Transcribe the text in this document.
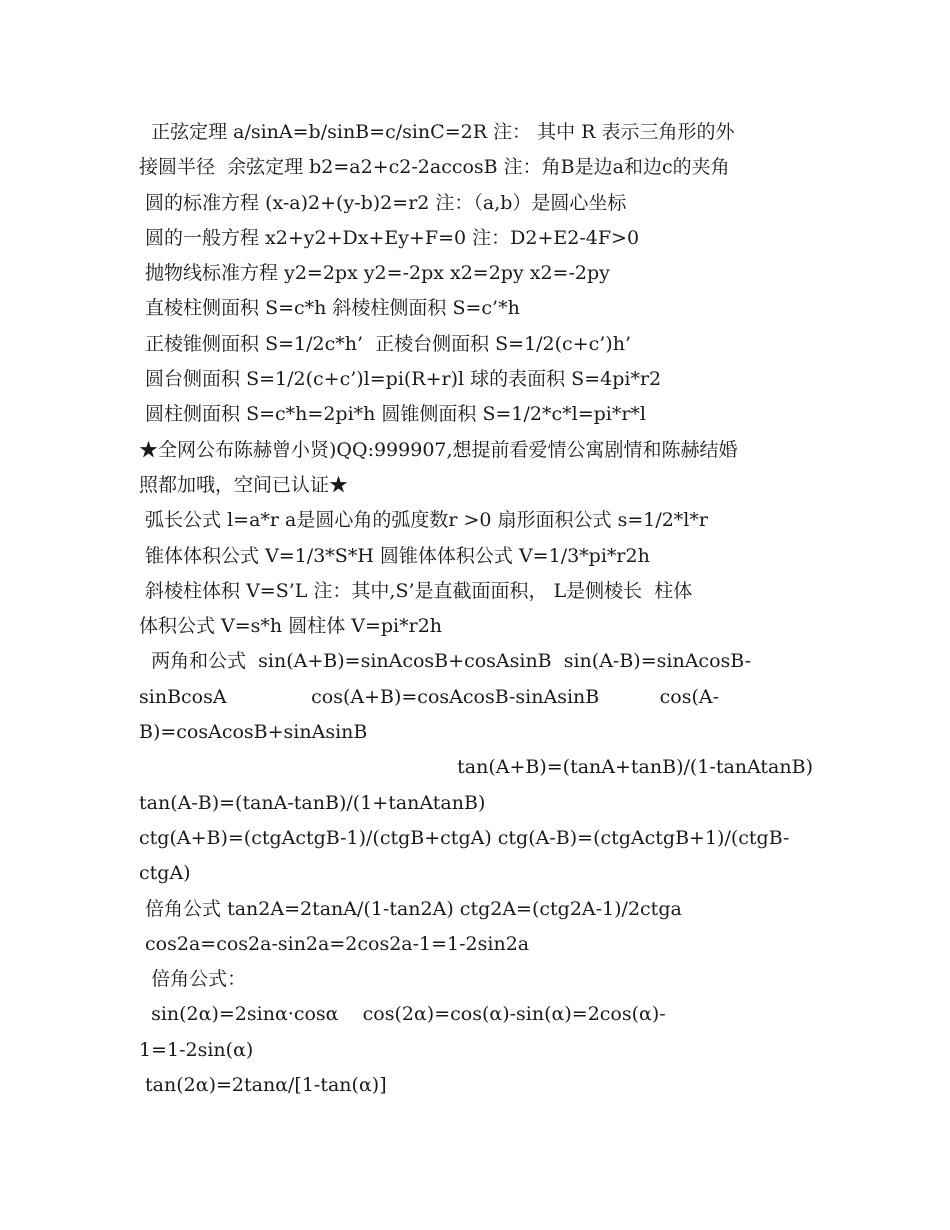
正弦定理 a/sinA=b/sinB=c/sinC=2R 注： 其中 R 表示三角形的外
接圆半径  余弦定理 b2=a2+c2-2accosB 注：角B是边a和边c的夹角
圆的标准方程 (x-a)2+(y-b)2=r2 注：（a,b）是圆心坐标
圆的一般方程 x2+y2+Dx+Ey+F=0 注：D2+E2-4F>0
抛物线标准方程 y2=2px y2=-2px x2=2py x2=-2py
直棱柱侧面积 S=c*h 斜棱柱侧面积 S=c’*h
正棱锥侧面积 S=1/2c*h’  正棱台侧面积 S=1/2(c+c’)h’
圆台侧面积 S=1/2(c+c’)l=pi(R+r)l 球的表面积 S=4pi*r2
圆柱侧面积 S=c*h=2pi*h 圆锥侧面积 S=1/2*c*l=pi*r*l
★全网公布陈赫曾小贤)QQ:999907,想提前看爱情公寓剧情和陈赫结婚
照都加哦，空间已认证★
弧长公式 l=a*r a是圆心角的弧度数r >0 扇形面积公式 s=1/2*l*r
锥体体积公式 V=1/3*S*H 圆锥体体积公式 V=1/3*pi*r2h
斜棱柱体积 V=S’L 注：其中,S’是直截面面积， L是侧棱长  柱体
体积公式 V=s*h 圆柱体 V=pi*r2h
两角和公式  sin(A+B)=sinAcosB+cosAsinB  sin(A-B)=sinAcosB-
sinBcosA              cos(A+B)=cosAcosB-sinAsinB          cos(A-
B)=cosAcosB+sinAsinB
tan(A+B)=(tanA+tanB)/(1-tanAtanB)
tan(A-B)=(tanA-tanB)/(1+tanAtanB)
ctg(A+B)=(ctgActgB-1)/(ctgB+ctgA) ctg(A-B)=(ctgActgB+1)/(ctgB-
ctgA)
倍角公式 tan2A=2tanA/(1-tan2A) ctg2A=(ctg2A-1)/2ctga
cos2a=cos2a-sin2a=2cos2a-1=1-2sin2a
倍角公式：
sin(2α)=2sinα·cosα    cos(2α)=cos(α)-sin(α)=2cos(α)-
1=1-2sin(α)
tan(2α)=2tanα/[1-tan(α)]
